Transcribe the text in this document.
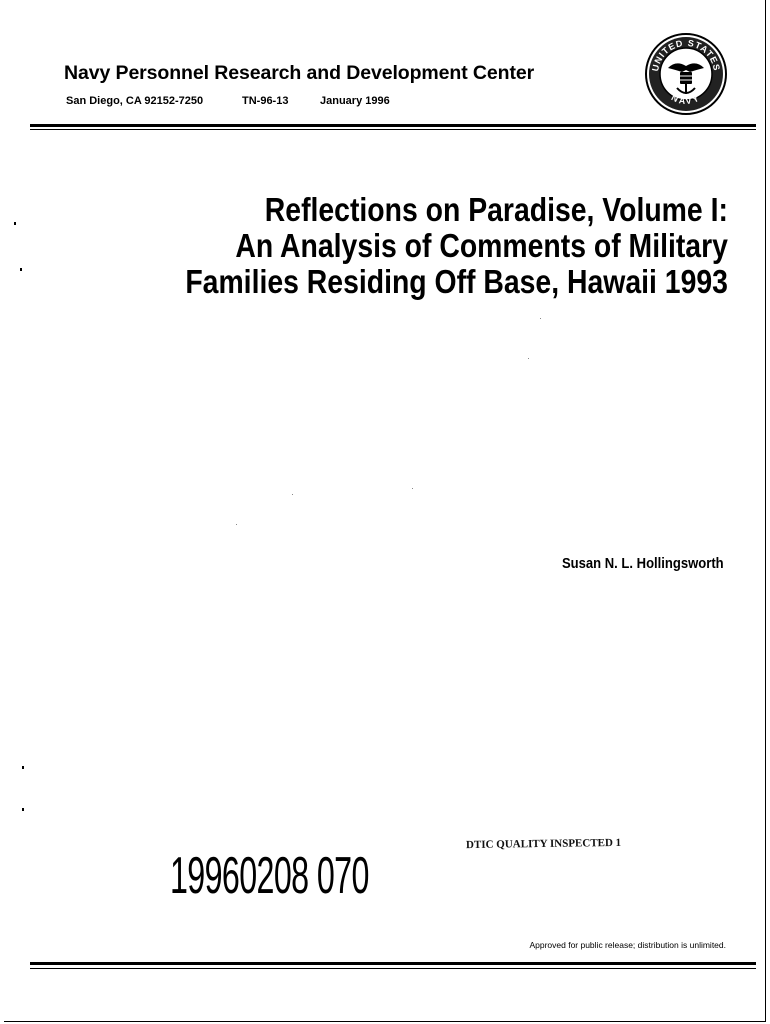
Navy Personnel Research and Development Center
San Diego, CA 92152-7250	TN-96-13	January 1996
UNITED STATES
NAVY
Reflections on Paradise, Volume I:
An Analysis of Comments of Military
Families Residing Off Base, Hawaii 1993
Susan N. L. Hollingsworth
19960208 070
DTIC QUALITY INSPECTED 1
Approved for public release; distribution is unlimited.
